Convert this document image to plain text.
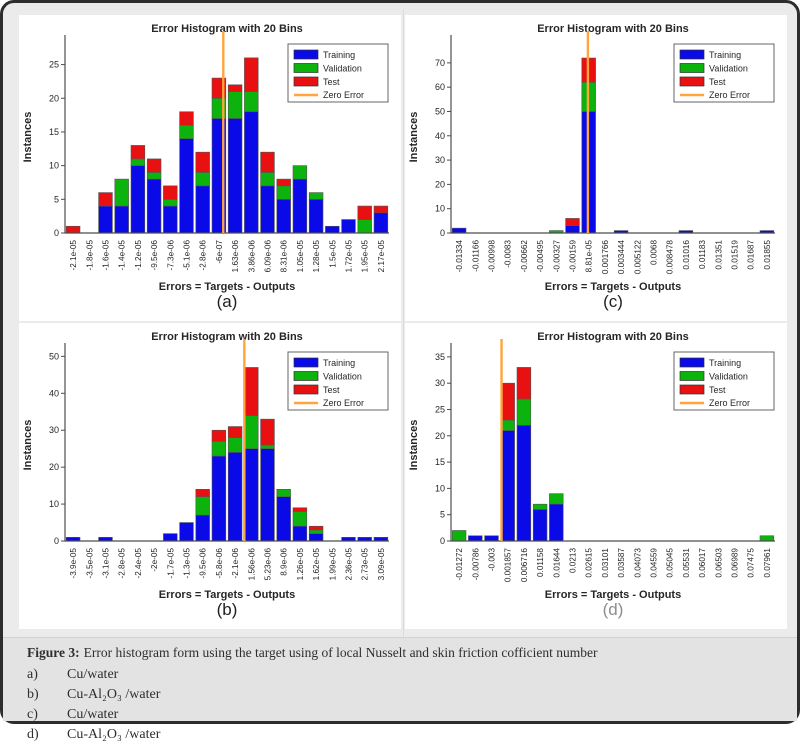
Error Histogram with 20 Bins
Instances
0
5
10
15
20
25
-2.1e-05 -1.8e-05 -1.6e-05 -1.4e-05 -1.2e-05 -9.5e-06 -7.3e-06 -5.1e-06 -2.8e-06 -6e-07 1.63e-06 3.86e-06 6.09e-06 8.31e-06 1.05e-05 1.28e-05 1.5e-05 1.72e-05 1.95e-05 2.17e-05
Errors = Targets - Outputs
Training
Validation
Test
Zero Error
(a)
Error Histogram with 20 Bins
Instances
0
10
20
30
40
50
60
70
-0.01334 -0.01166 -0.00998 -0.0083 -0.00662 -0.00495 -0.00327 -0.00159 8.81e-05 0.001766 0.003444 0.005122 0.0068 0.008478 0.01016 0.01183 0.01351 0.01519 0.01687 0.01855
Errors = Targets - Outputs
Training
Validation
Test
Zero Error
(c)
Error Histogram with 20 Bins
Instances
0
10
20
30
40
50
-3.9e-05 -3.5e-05 -3.1e-05 -2.8e-05 -2.4e-05 -2e-05 -1.7e-05 -1.3e-05 -9.5e-06 -5.8e-06 -2.1e-06 1.56e-06 5.23e-06 8.9e-06 1.26e-05 1.62e-05 1.99e-05 2.36e-05 2.73e-05 3.09e-05
Errors = Targets - Outputs
Training
Validation
Test
Zero Error
(b)
Error Histogram with 20 Bins
Instances
0
5
10
15
20
25
30
35
-0.01272 -0.00786 -0.003 0.001857 0.006716 0.01158 0.01644 0.0213 0.02615 0.03101 0.03587 0.04073 0.04559 0.05045 0.05531 0.06017 0.06503 0.06989 0.07475 0.07961
Errors = Targets - Outputs
Training
Validation
Test
Zero Error
(d)

Figure 3: Error histogram form using the target using of local Nusselt and skin friction cofficient number

a)	Cu/water
b)	Cu-Al₂O₃ /water
c)	Cu/water
d)	Cu-Al₂O₃ /water
